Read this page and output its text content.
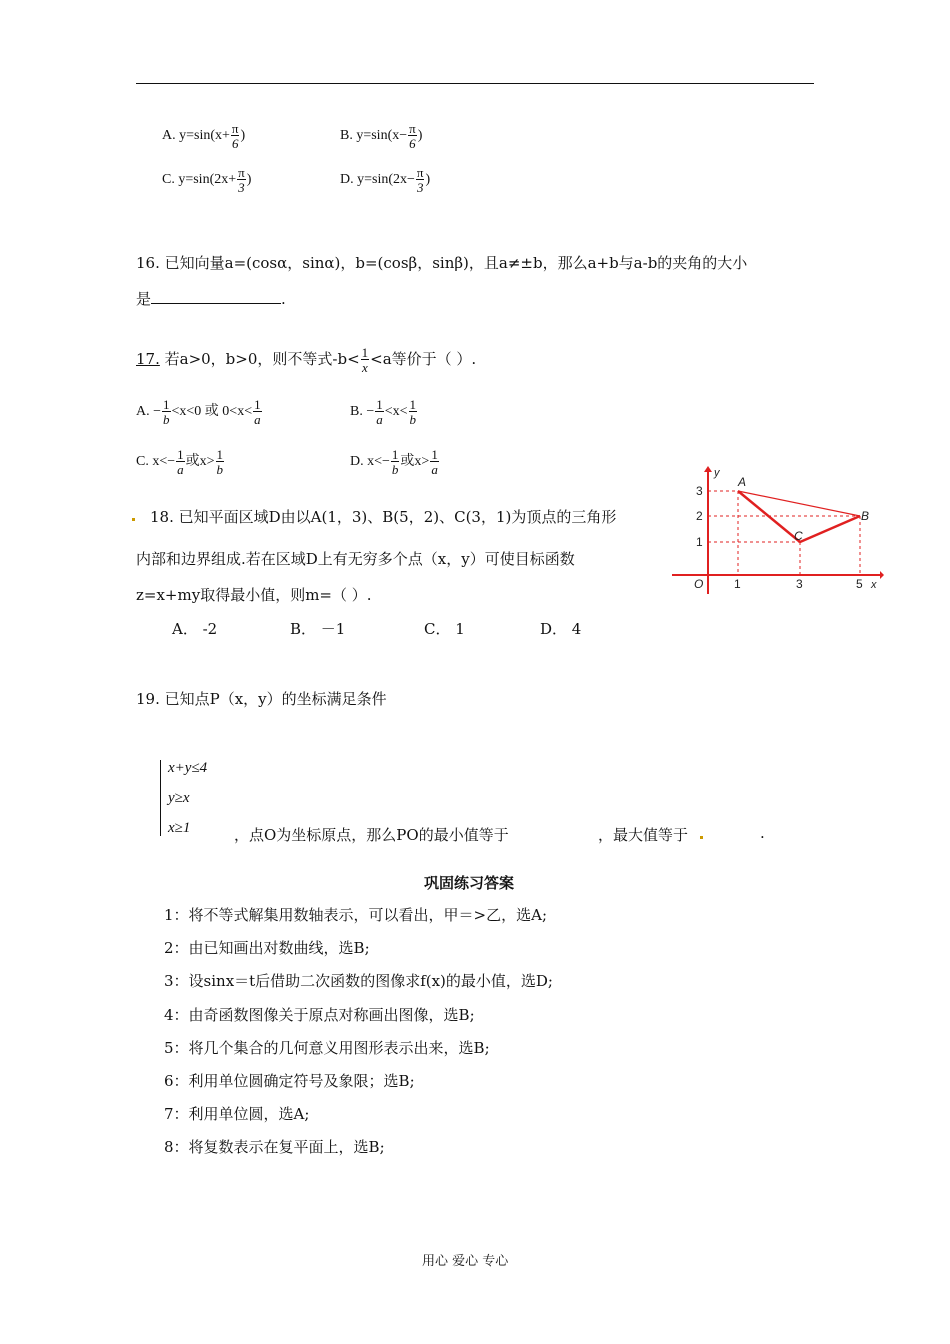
A. $y=\sin(x+ \frac{\pi}{6}$ )	B. $y=\sin(x- \frac{\pi}{6}$ )
C. $y=\sin(2x+ \frac{\pi}{3}$ )	D. $y=\sin(2x- \frac{\pi}{3}$ )
16. 已知向量a=(cosα，sinα)，b=(cosβ，sinβ)，且a≠±b，那么a+b与a-b的夹角的大小
是	.
17. 若a>0，b>0，则不等式$-b< \frac{1}{x} <a$等价于（ ）.
A. − $\frac{1}{b} <x<0$ 或 $0<x< \frac{1}{a}$	B. − $\frac{1}{a} <x< \frac{1}{b}$
C. $x<- \frac{1}{a}$ 或$x> \frac{1}{b}$	D. $x<- \frac{1}{b}$ 或$x> \frac{1}{a}$
18. 已知平面区域D由以A(1，3)、B(5，2)、C(3，1)为顶点的三角形
内部和边界组成.若在区域D上有无穷多个点（x，y）可使目标函数
z=x+my取得最小值，则m=（ ）.
A． -2	B． －1	C． 1	D． 4
y
x
O
A
B
C
1	3	5
3
2
1
19. 已知点P（x，y）的坐标满足条件
x+y≤4
y≥x
x≥1	，点O为坐标原点，那么PO的最小值等于	，最大值等于	.
巩固练习答案
1：将不等式解集用数轴表示，可以看出，甲＝>乙，选A;
2：由已知画出对数曲线，选B;
3：设sinx＝t后借助二次函数的图像求f(x)的最小值，选D;
4：由奇函数图像关于原点对称画出图像，选B;
5：将几个集合的几何意义用图形表示出来，选B;
6：利用单位圆确定符号及象限；选B;
7：利用单位圆，选A;
8：将复数表示在复平面上，选B;
用心 爱心 专心
